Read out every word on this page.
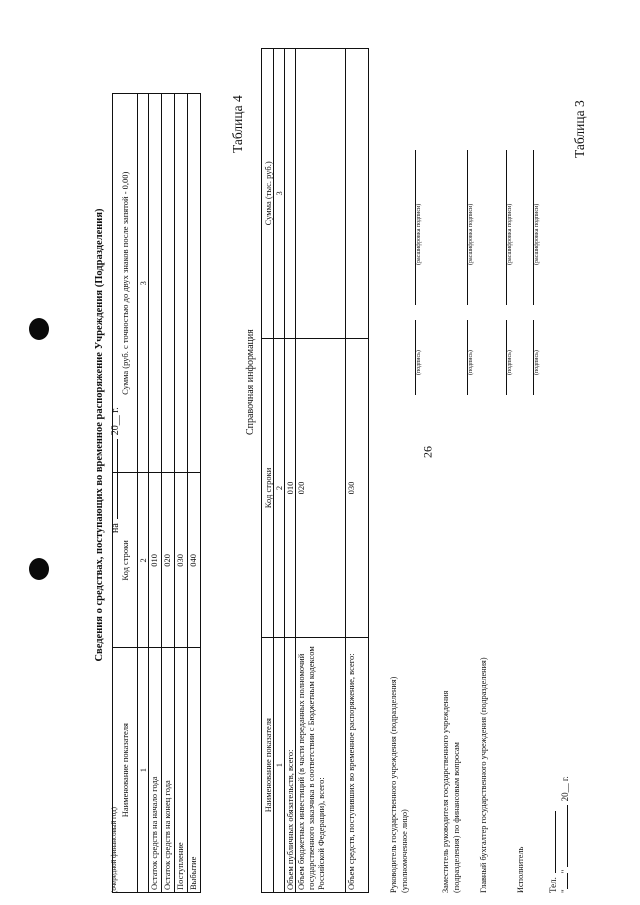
26
Таблица 3
Сведения о средствах, поступающих во временное распоряжение Учреждения (Подразделения) на20__ г.
(очередной финансовый год)
Наименование показателя	Код строки	Сумма (руб. с точностью до двух знаков после запятой - 0,00)
1	2	3
Остаток средств на начало года	010	
Остаток средств на конец года	020	
Поступление	030	
Выбытие	040	
Таблица 4
Справочная информация
Наименование показателя	Код строки	Сумма (тыс. руб.)
1	2	3
Объем публичных обязательств, всего:	010	
Объем бюджетных инвестиций (в части переданных полномочий государственного заказчика в соответствии с Бюджетным кодексом Российской Федерации), всего:	020	
Объем средств, поступивших во временное распоряжение, всего:	030	
Руководитель государственного учреждения (подразделения) (уполномоченное лицо)
(подпись)
(расшифровка подписи)
Заместитель руководителя государственного учреждения (подразделения) по финансовым вопросам
(подпись)
(расшифровка подписи)
Главный бухгалтер государственного учреждения (подразделения)
(подпись)
(расшифровка подписи)
Исполнитель
(подпись)
(расшифровка подписи)
Тел. "" 20__ г.
